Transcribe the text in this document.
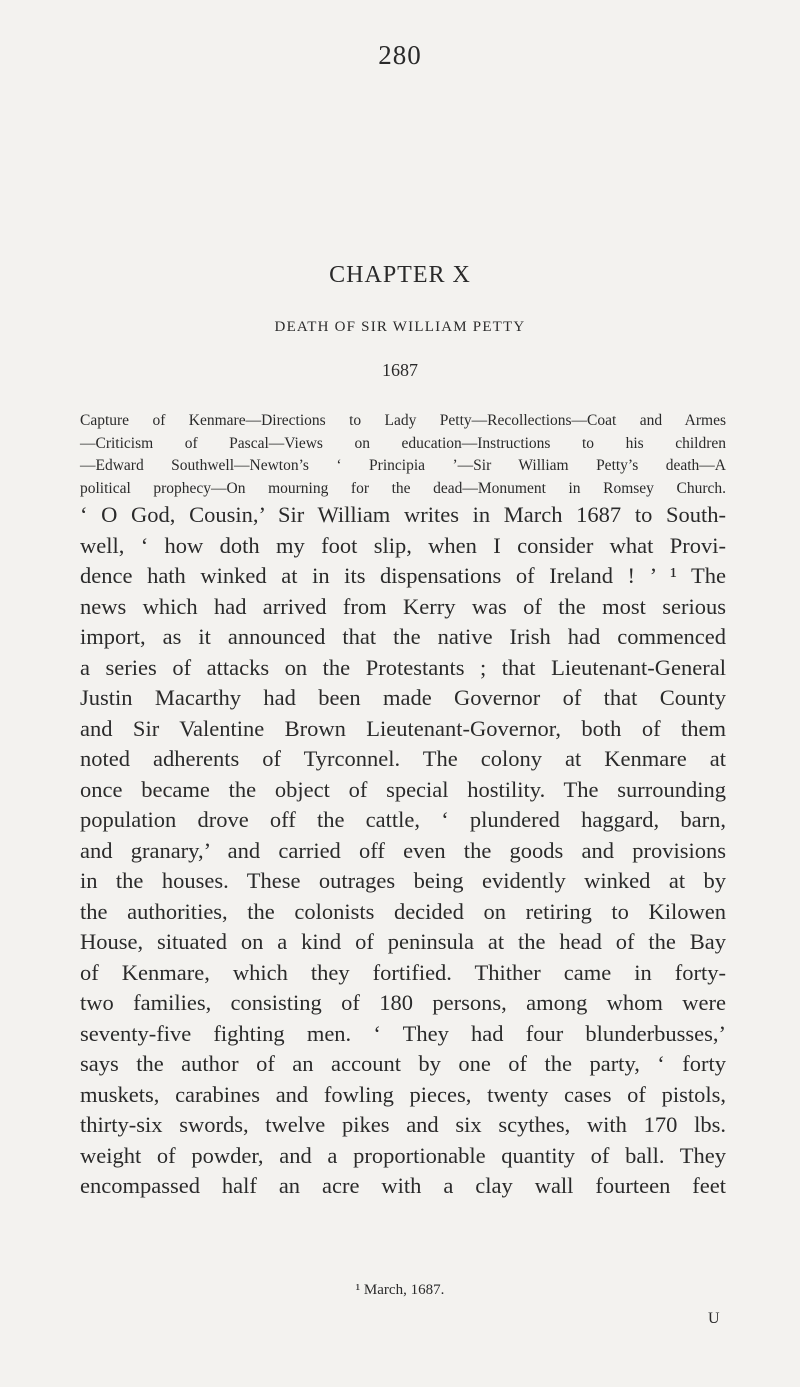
280
CHAPTER X
DEATH OF SIR WILLIAM PETTY
1687
Capture of Kenmare—Directions to Lady Petty—Recollections—Coat and Armes
—Criticism of Pascal—Views on education—Instructions to his children
—Edward Southwell—Newton’s ‘ Principia ’—Sir William Petty’s death—A
political prophecy—On mourning for the dead—Monument in Romsey Church.
‘ O God, Cousin,’ Sir William writes in March 1687 to South-
well, ‘ how doth my foot slip, when I consider what Provi-
dence hath winked at in its dispensations of Ireland ! ’ ¹ The
news which had arrived from Kerry was of the most serious
import, as it announced that the native Irish had commenced
a series of attacks on the Protestants ; that Lieutenant-General
Justin Macarthy had been made Governor of that County
and Sir Valentine Brown Lieutenant-Governor, both of them
noted adherents of Tyrconnel. The colony at Kenmare at
once became the object of special hostility. The surrounding
population drove off the cattle, ‘ plundered haggard, barn,
and granary,’ and carried off even the goods and provisions
in the houses. These outrages being evidently winked at by
the authorities, the colonists decided on retiring to Kilowen
House, situated on a kind of peninsula at the head of the Bay
of Kenmare, which they fortified. Thither came in forty-
two families, consisting of 180 persons, among whom were
seventy-five fighting men. ‘ They had four blunderbusses,’
says the author of an account by one of the party, ‘ forty
muskets, carabines and fowling pieces, twenty cases of pistols,
thirty-six swords, twelve pikes and six scythes, with 170 lbs.
weight of powder, and a proportionable quantity of ball. They
encompassed half an acre with a clay wall fourteen feet
¹ March, 1687.
U
